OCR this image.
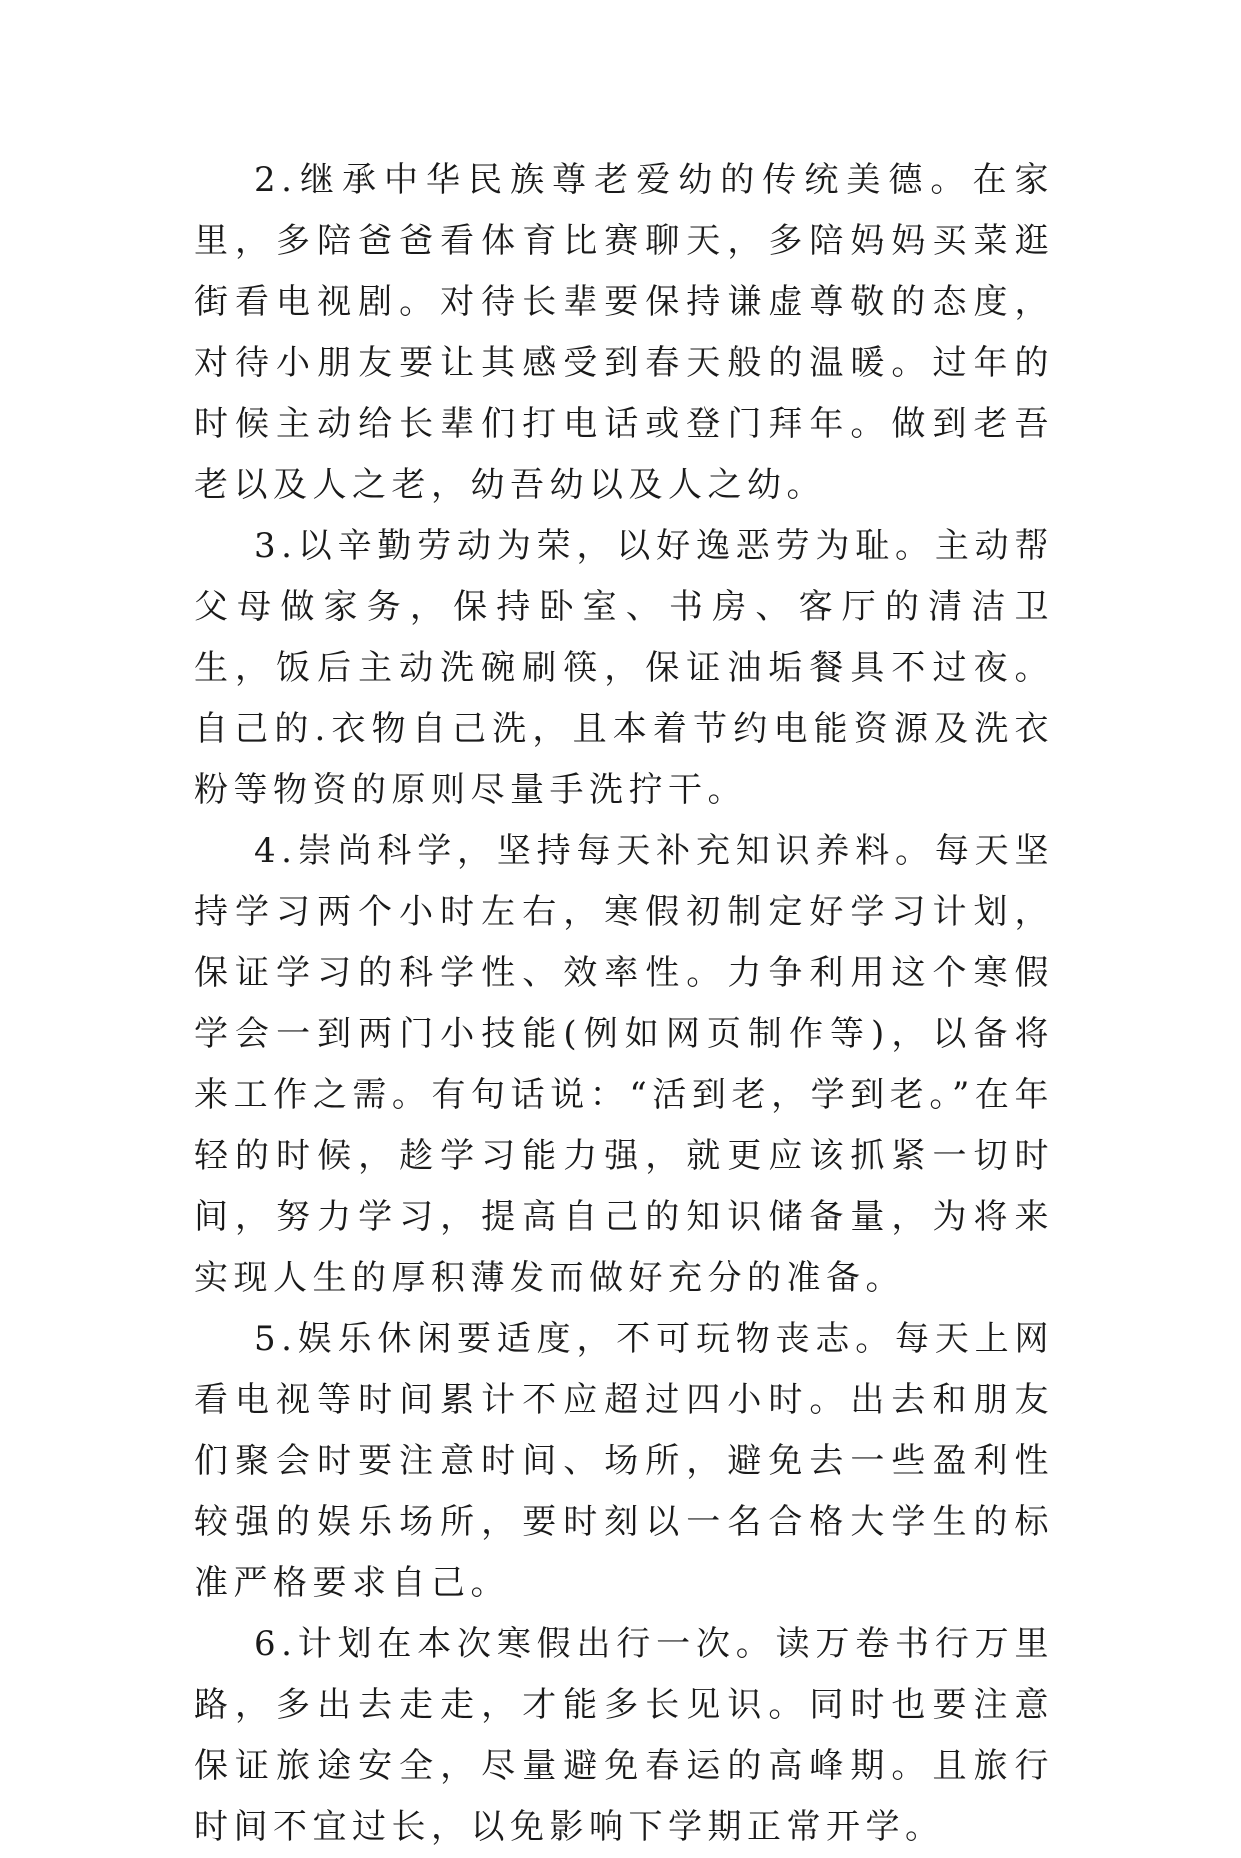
2.继承中华民族尊老爱幼的传统美德。在家里，多陪爸爸看体育比赛聊天，多陪妈妈买菜逛街看电视剧。对待长辈要保持谦虚尊敬的态度，对待小朋友要让其感受到春天般的温暖。过年的时候主动给长辈们打电话或登门拜年。做到老吾老以及人之老，幼吾幼以及人之幼。

3.以辛勤劳动为荣，以好逸恶劳为耻。主动帮父母做家务，保持卧室、书房、客厅的清洁卫生，饭后主动洗碗刷筷，保证油垢餐具不过夜。自己的.衣物自己洗，且本着节约电能资源及洗衣粉等物资的原则尽量手洗拧干。

4.崇尚科学，坚持每天补充知识养料。每天坚持学习两个小时左右，寒假初制定好学习计划，保证学习的科学性、效率性。力争利用这个寒假学会一到两门小技能(例如网页制作等)，以备将来工作之需。有句话说：“活到老，学到老。”在年轻的时候，趁学习能力强，就更应该抓紧一切时间，努力学习，提高自己的知识储备量，为将来实现人生的厚积薄发而做好充分的准备。

5.娱乐休闲要适度，不可玩物丧志。每天上网看电视等时间累计不应超过四小时。出去和朋友们聚会时要注意时间、场所，避免去一些盈利性较强的娱乐场所，要时刻以一名合格大学生的标准严格要求自己。

6.计划在本次寒假出行一次。读万卷书行万里路，多出去走走，才能多长见识。同时也要注意保证旅途安全，尽量避免春运的高峰期。且旅行时间不宜过长，以免影响下学期正常开学。
